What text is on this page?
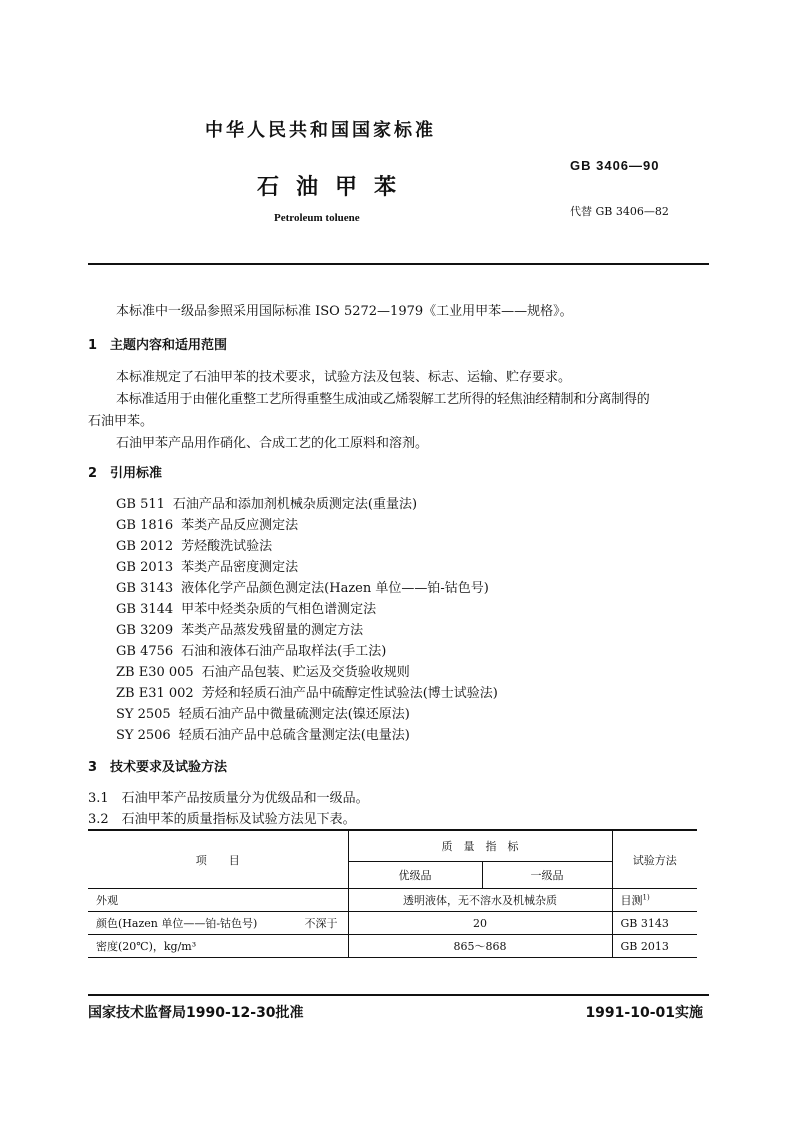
中华人民共和国国家标准
石油甲苯
Petroleum toluene
GB 3406—90
代替 GB 3406—82
本标准中一级品参照采用国际标准 ISO 5272—1979《工业用甲苯——规格》。
1　主题内容和适用范围
本标准规定了石油甲苯的技术要求，试验方法及包装、标志、运输、贮存要求。
本标准适用于由催化重整工艺所得重整生成油或乙烯裂解工艺所得的轻焦油经精制和分离制得的
石油甲苯。
石油甲苯产品用作硝化、合成工艺的化工原料和溶剂。
2　引用标准
GB 511 石油产品和添加剂机械杂质测定法(重量法)
GB 1816 苯类产品反应测定法
GB 2012 芳烃酸洗试验法
GB 2013 苯类产品密度测定法
GB 3143 液体化学产品颜色测定法(Hazen 单位——铂-钴色号)
GB 3144 甲苯中烃类杂质的气相色谱测定法
GB 3209 苯类产品蒸发残留量的测定方法
GB 4756 石油和液体石油产品取样法(手工法)
ZB E30 005 石油产品包装、贮运及交货验收规则
ZB E31 002 芳烃和轻质石油产品中硫醇定性试验法(博士试验法)
SY 2505 轻质石油产品中微量硫测定法(镍还原法)
SY 2506 轻质石油产品中总硫含量测定法(电量法)
3　技术要求及试验方法
3.1　石油甲苯产品按质量分为优级品和一级品。
3.2　石油甲苯的质量指标及试验方法见下表。
项　　目	质　量　指　标		试验方法
	优级品	一级品	
外观	透明液体，无不溶水及机械杂质		目测$^{1)}$
颜色(Hazen 单位——铂-钴色号) 不深于	20		GB 3143
密度(20℃)，kg/m³	865～868		GB 2013
国家技术监督局1990-12-30批准	1991-10-01实施
